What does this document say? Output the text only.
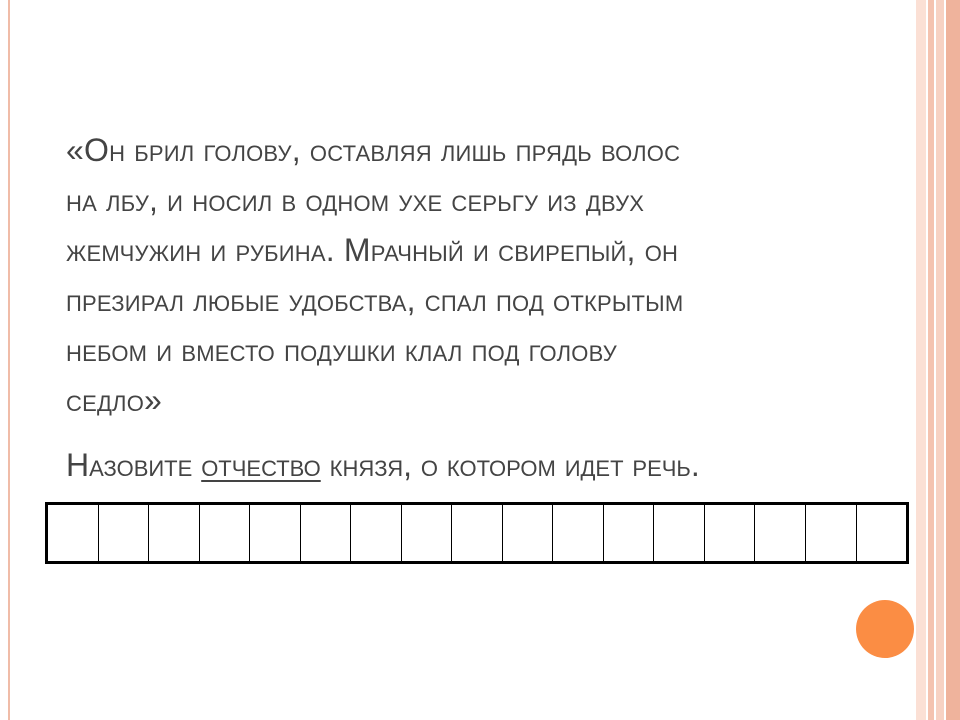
«Он брил голову, оставляя лишь прядь волос
на лбу, и носил в одном ухе серьгу из двух
жемчужин и рубина. Мрачный и свирепый, он
презирал любые удобства, спал под открытым
небом и вместо подушки клал под голову
седло»

Назовите отчество князя, о котором идет речь.
